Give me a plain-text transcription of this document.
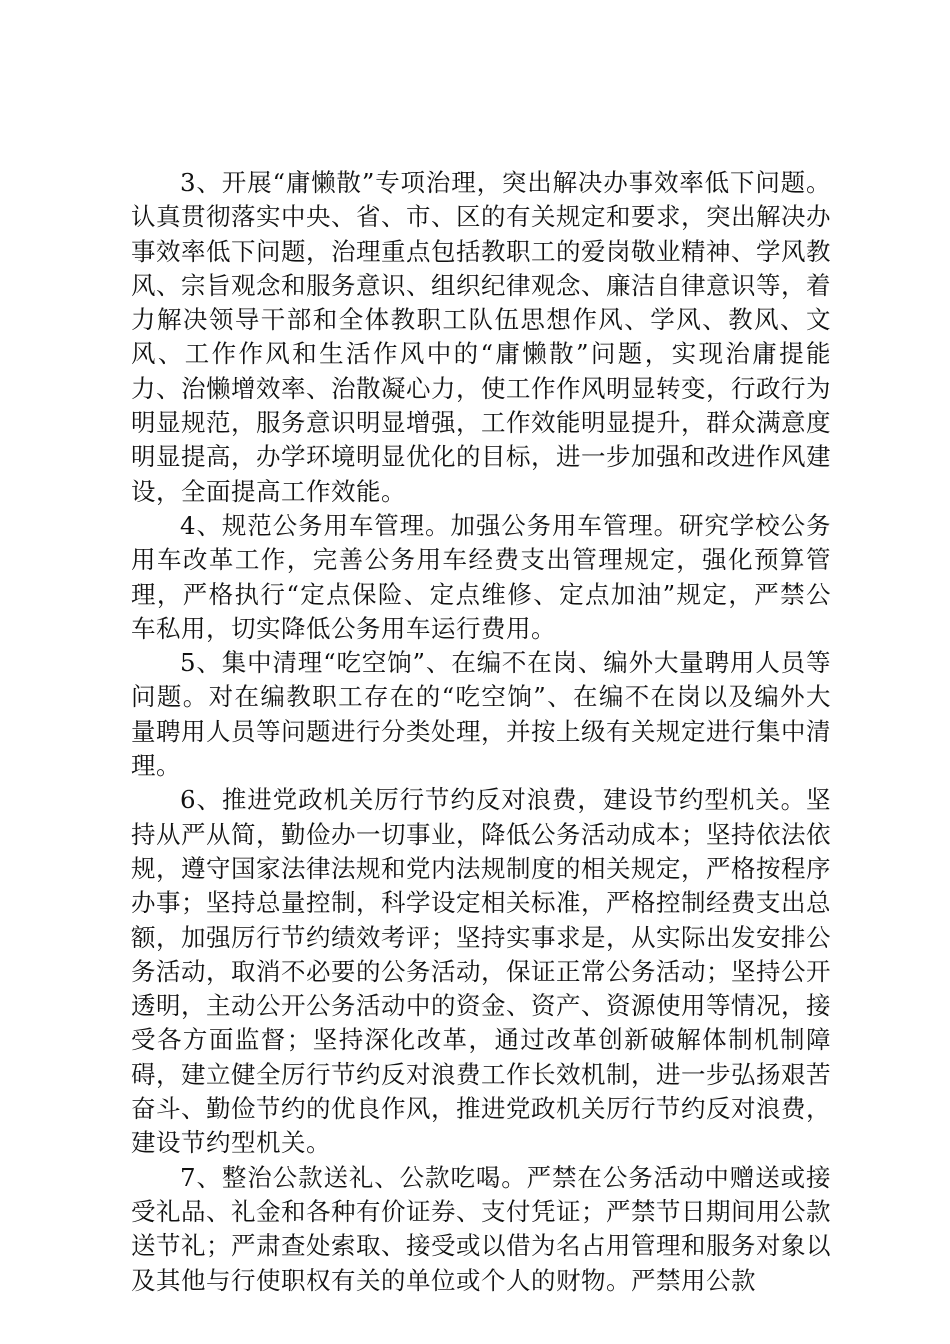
3、开展“庸懒散”专项治理，突出解决办事效率低下问题。认真贯彻落实中央、省、市、区的有关规定和要求，突出解决办事效率低下问题，治理重点包括教职工的爱岗敬业精神、学风教风、宗旨观念和服务意识、组织纪律观念、廉洁自律意识等，着力解决领导干部和全体教职工队伍思想作风、学风、教风、文风、工作作风和生活作风中的“庸懒散”问题，实现治庸提能力、治懒增效率、治散凝心力，使工作作风明显转变，行政行为明显规范，服务意识明显增强，工作效能明显提升，群众满意度明显提高，办学环境明显优化的目标，进一步加强和改进作风建设，全面提高工作效能。

4、规范公务用车管理。加强公务用车管理。研究学校公务用车改革工作，完善公务用车经费支出管理规定，强化预算管理，严格执行“定点保险、定点维修、定点加油”规定，严禁公车私用，切实降低公务用车运行费用。

5、集中清理“吃空饷”、在编不在岗、编外大量聘用人员等问题。对在编教职工存在的“吃空饷”、在编不在岗以及编外大量聘用人员等问题进行分类处理，并按上级有关规定进行集中清理。

6、推进党政机关厉行节约反对浪费，建设节约型机关。坚持从严从简，勤俭办一切事业，降低公务活动成本；坚持依法依规，遵守国家法律法规和党内法规制度的相关规定，严格按程序办事；坚持总量控制，科学设定相关标准，严格控制经费支出总额，加强厉行节约绩效考评；坚持实事求是，从实际出发安排公务活动，取消不必要的公务活动，保证正常公务活动；坚持公开透明，主动公开公务活动中的资金、资产、资源使用等情况，接受各方面监督；坚持深化改革，通过改革创新破解体制机制障碍，建立健全厉行节约反对浪费工作长效机制，进一步弘扬艰苦奋斗、勤俭节约的优良作风，推进党政机关厉行节约反对浪费，建设节约型机关。

7、整治公款送礼、公款吃喝。严禁在公务活动中赠送或接受礼品、礼金和各种有价证券、支付凭证；严禁节日期间用公款送节礼；严肃查处索取、接受或以借为名占用管理和服务对象以及其他与行使职权有关的单位或个人的财物。严禁用公款
